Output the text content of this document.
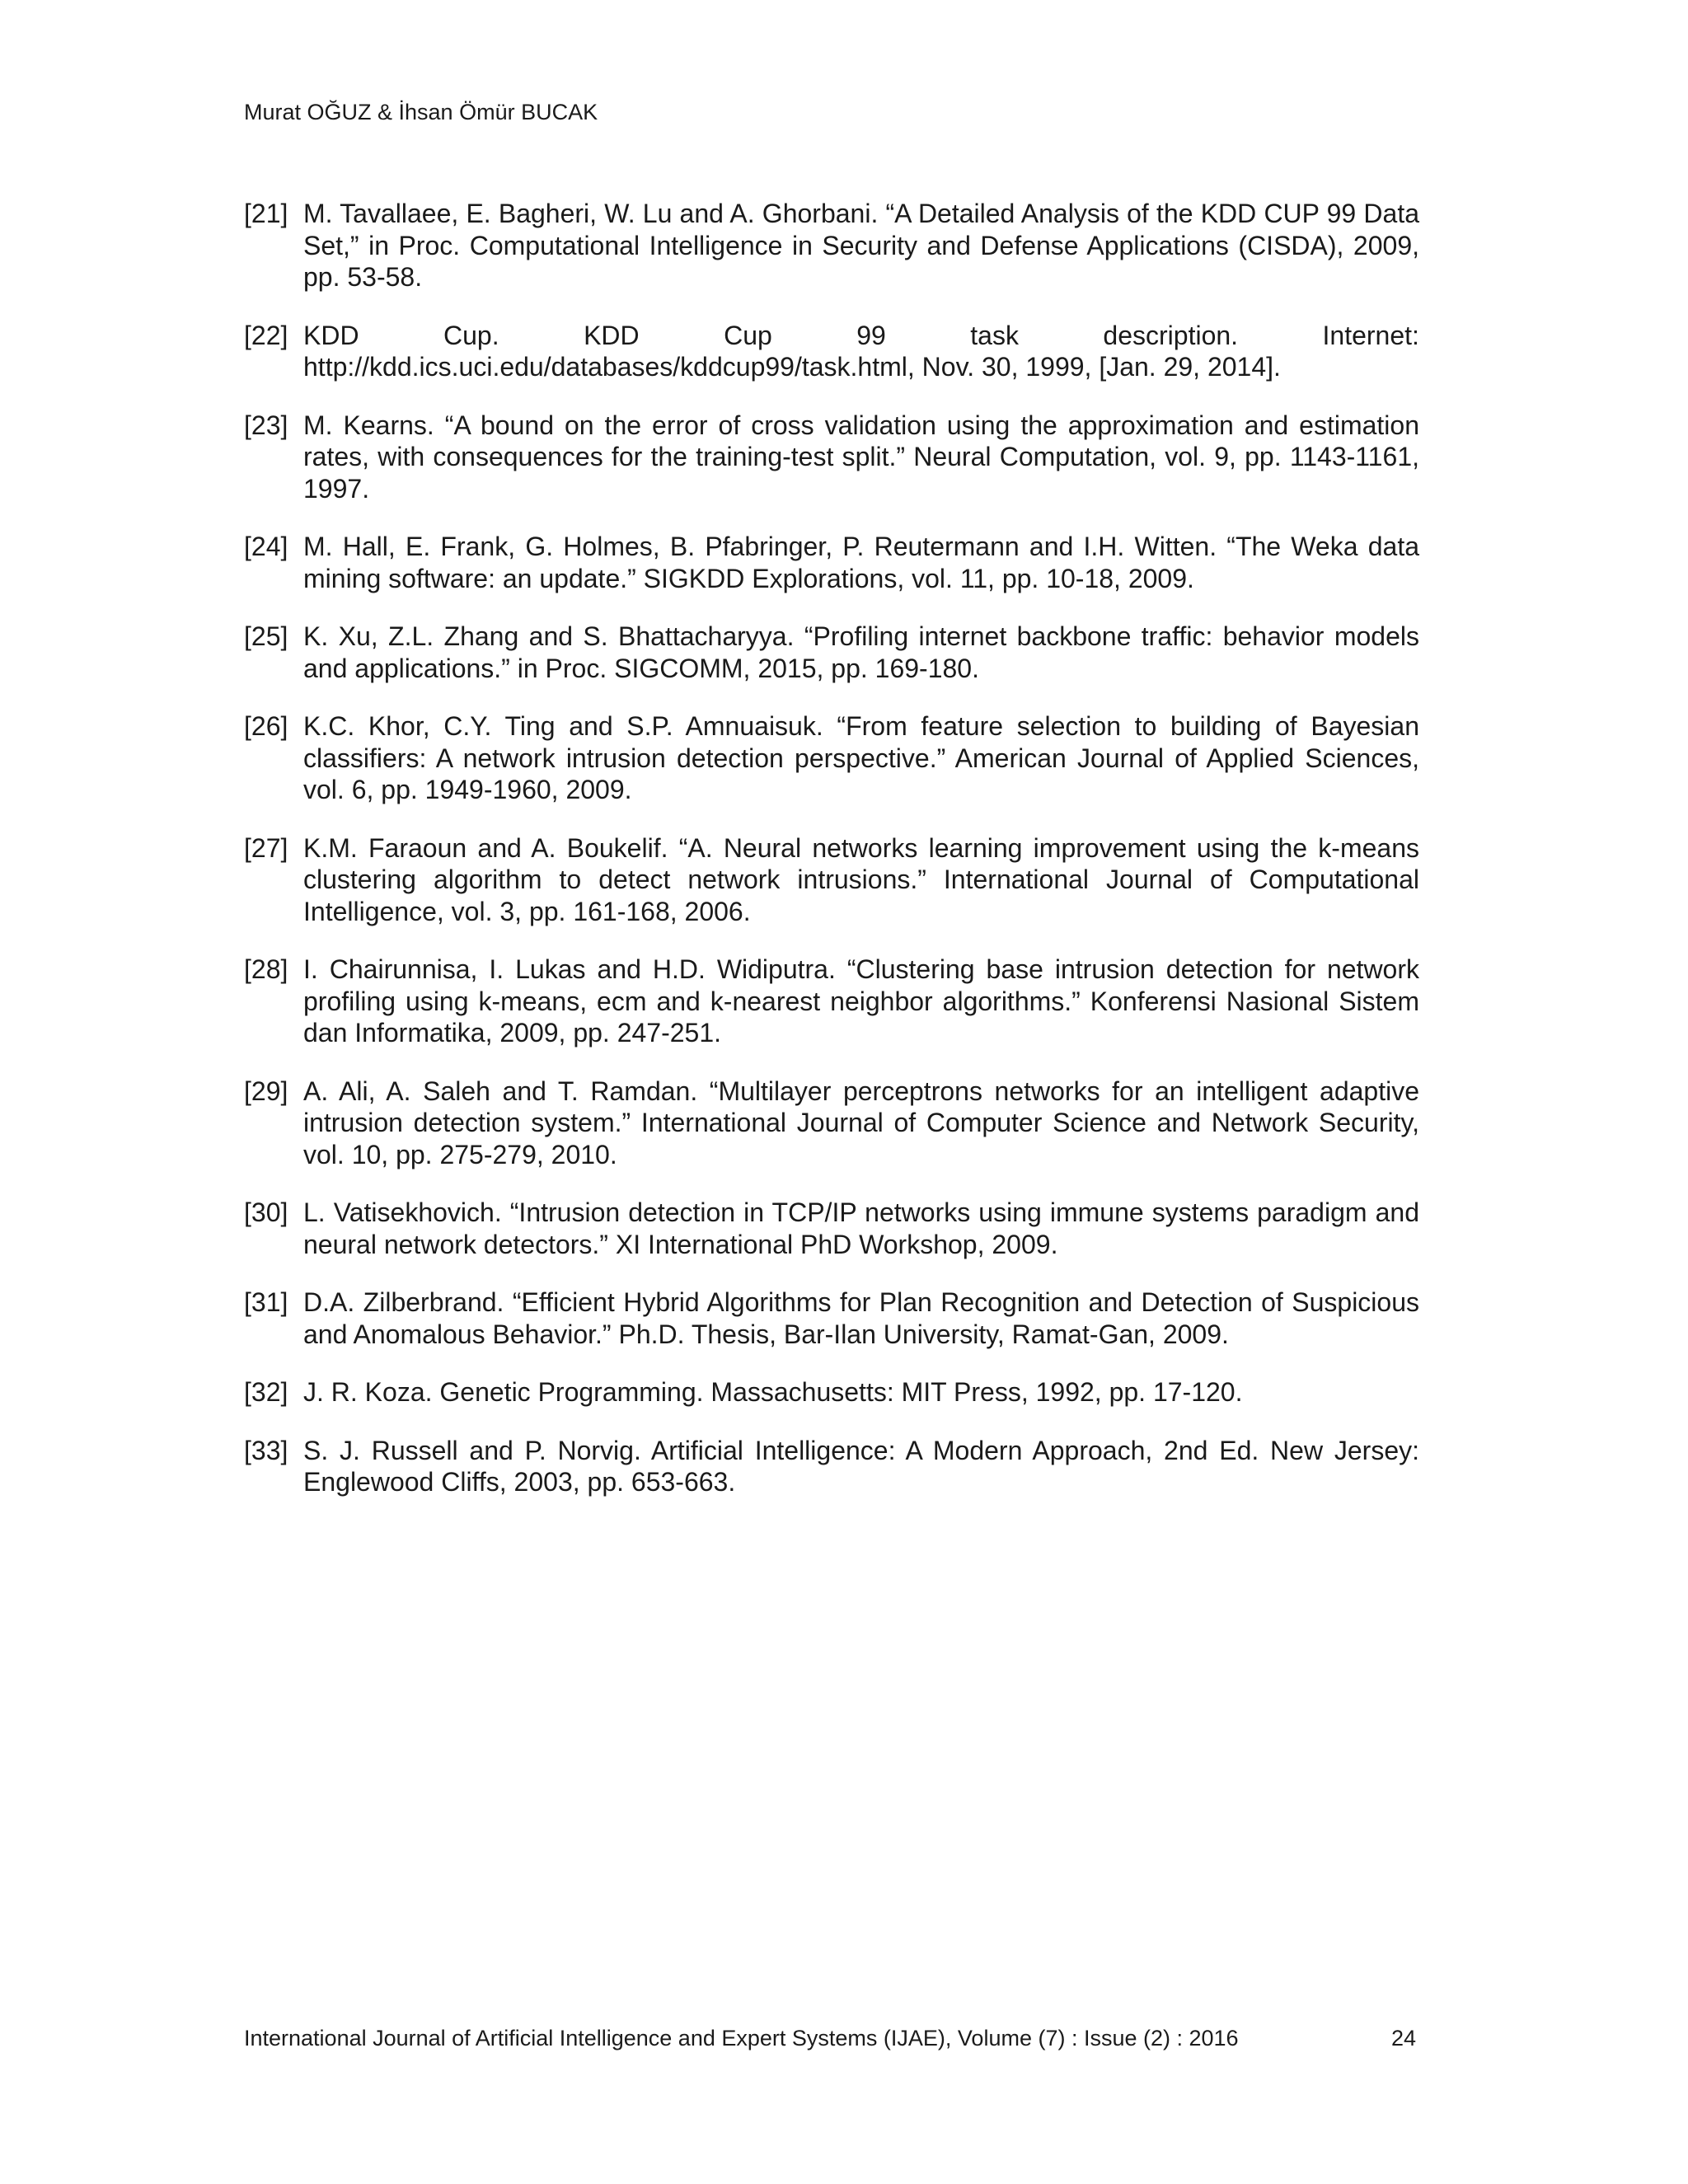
Murat OĞUZ & İhsan Ömür BUCAK
[21] M. Tavallaee, E. Bagheri, W. Lu and A. Ghorbani. “A Detailed Analysis of the KDD CUP 99 Data Set,” in Proc. Computational Intelligence in Security and Defense Applications (CISDA), 2009, pp. 53-58.
[22] KDD	Cup.	KDD	Cup	99	task	description.	Internet:
http://kdd.ics.uci.edu/databases/kddcup99/task.html, Nov. 30, 1999, [Jan. 29, 2014].
[23] M. Kearns. “A bound on the error of cross validation using the approximation and estimation rates, with consequences for the training-test split.” Neural Computation, vol. 9, pp. 1143-1161, 1997.
[24] M. Hall, E. Frank, G. Holmes, B. Pfabringer, P. Reutermann and I.H. Witten. “The Weka data mining software: an update.” SIGKDD Explorations, vol. 11, pp. 10-18, 2009.
[25] K. Xu, Z.L. Zhang and S. Bhattacharyya. “Profiling internet backbone traffic: behavior models and applications.” in Proc. SIGCOMM, 2015, pp. 169-180.
[26] K.C. Khor, C.Y. Ting and S.P. Amnuaisuk. “From feature selection to building of Bayesian classifiers: A network intrusion detection perspective.” American Journal of Applied Sciences, vol. 6, pp. 1949-1960, 2009.
[27] K.M. Faraoun and A. Boukelif. “A. Neural networks learning improvement using the k-means clustering algorithm to detect network intrusions.” International Journal of Computational Intelligence, vol. 3, pp. 161-168, 2006.
[28] I. Chairunnisa, I. Lukas and H.D. Widiputra. “Clustering base intrusion detection for network profiling using k-means, ecm and k-nearest neighbor algorithms.” Konferensi Nasional Sistem dan Informatika, 2009, pp. 247-251.
[29] A. Ali, A. Saleh and T. Ramdan. “Multilayer perceptrons networks for an intelligent adaptive intrusion detection system.” International Journal of Computer Science and Network Security, vol. 10, pp. 275-279, 2010.
[30] L. Vatisekhovich. “Intrusion detection in TCP/IP networks using immune systems paradigm and neural network detectors.” XI International PhD Workshop, 2009.
[31] D.A. Zilberbrand. “Efficient Hybrid Algorithms for Plan Recognition and Detection of Suspicious and Anomalous Behavior.” Ph.D. Thesis, Bar-Ilan University, Ramat-Gan, 2009.
[32] J. R. Koza. Genetic Programming. Massachusetts: MIT Press, 1992, pp. 17-120.
[33] S. J. Russell and P. Norvig. Artificial Intelligence: A Modern Approach, 2nd Ed. New Jersey: Englewood Cliffs, 2003, pp. 653-663.
International Journal of Artificial Intelligence and Expert Systems (IJAE), Volume (7) : Issue (2) : 2016	24
